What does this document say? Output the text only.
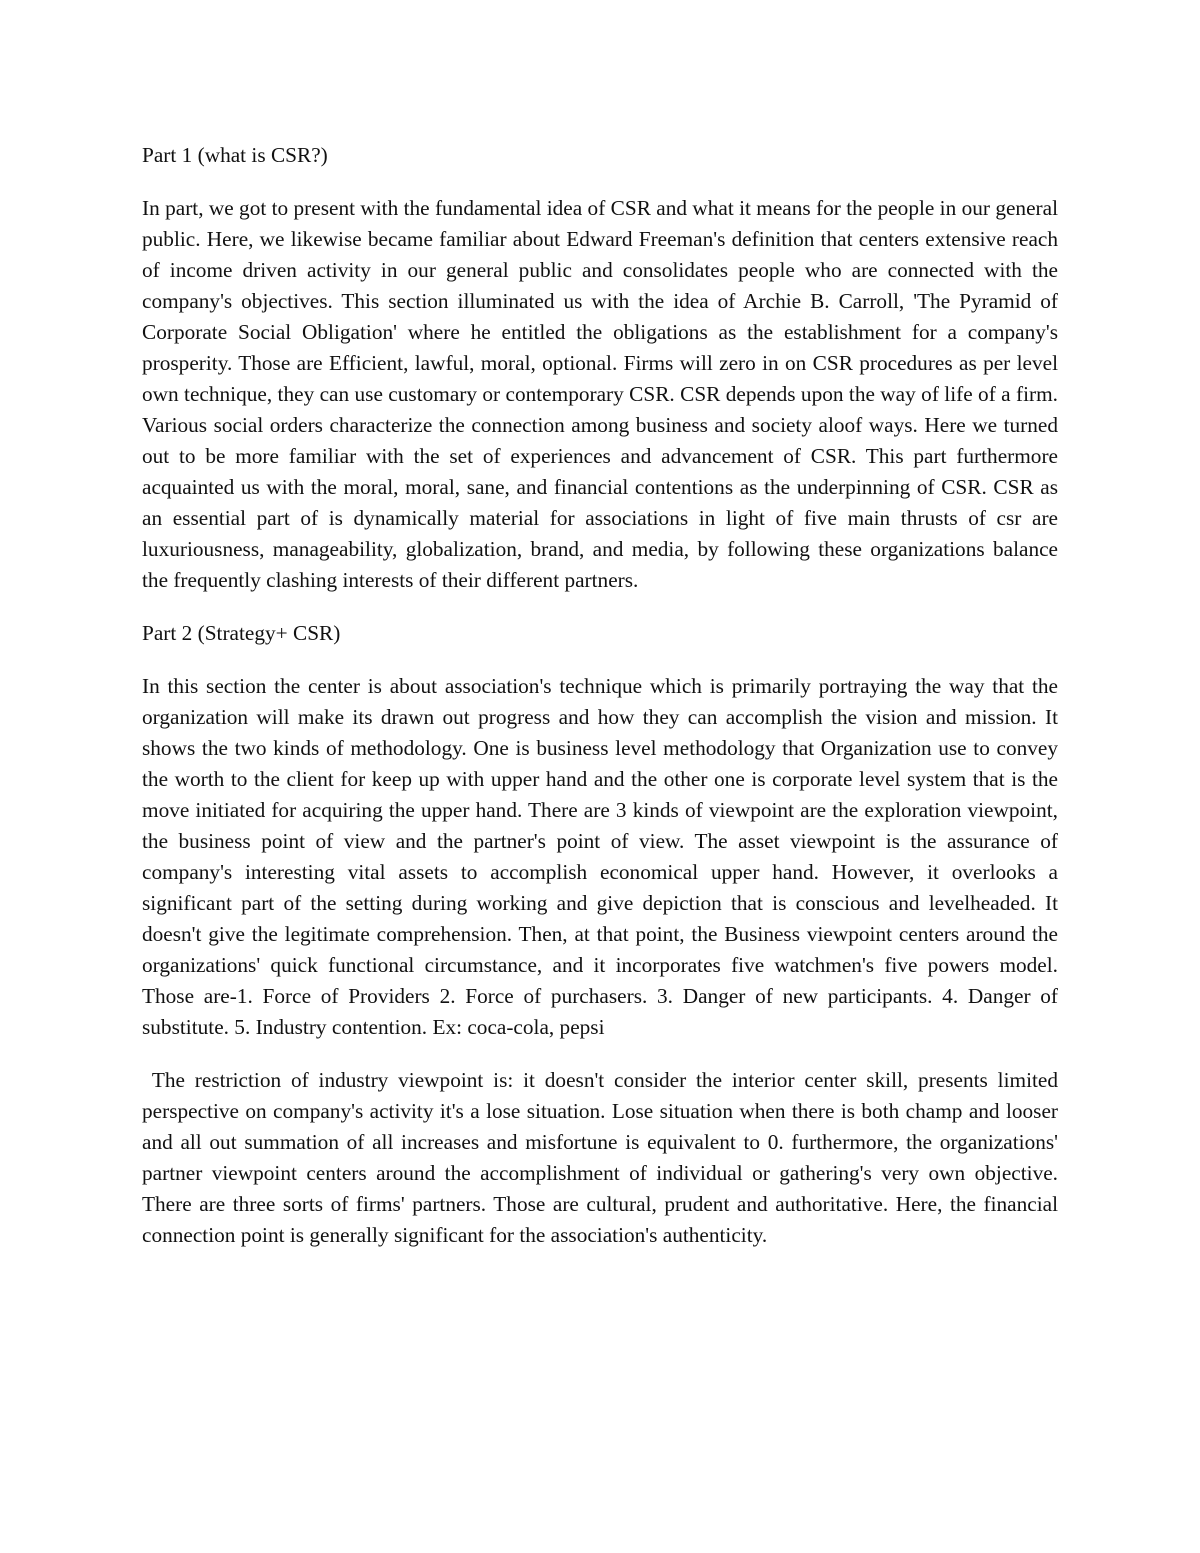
Part 1 (what is CSR?)

In part, we got to present with the fundamental idea of CSR and what it means for the people in our general public. Here, we likewise became familiar about Edward Freeman's definition that centers extensive reach of income driven activity in our general public and consolidates people who are connected with the company's objectives. This section illuminated us with the idea of Archie B. Carroll, 'The Pyramid of Corporate Social Obligation' where he entitled the obligations as the establishment for a company's prosperity. Those are Efficient, lawful, moral, optional. Firms will zero in on CSR procedures as per level own technique, they can use customary or contemporary CSR. CSR depends upon the way of life of a firm. Various social orders characterize the connection among business and society aloof ways. Here we turned out to be more familiar with the set of experiences and advancement of CSR. This part furthermore acquainted us with the moral, moral, sane, and financial contentions as the underpinning of CSR. CSR as an essential part of is dynamically material for associations in light of five main thrusts of csr are luxuriousness, manageability, globalization, brand, and media, by following these organizations balance the frequently clashing interests of their different partners.

Part 2 (Strategy+ CSR)

In this section the center is about association's technique which is primarily portraying the way that the organization will make its drawn out progress and how they can accomplish the vision and mission. It shows the two kinds of methodology. One is business level methodology that Organization use to convey the worth to the client for keep up with upper hand and the other one is corporate level system that is the move initiated for acquiring the upper hand. There are 3 kinds of viewpoint are the exploration viewpoint, the business point of view and the partner's point of view. The asset viewpoint is the assurance of company's interesting vital assets to accomplish economical upper hand. However, it overlooks a significant part of the setting during working and give depiction that is conscious and levelheaded. It doesn't give the legitimate comprehension. Then, at that point, the Business viewpoint centers around the organizations' quick functional circumstance, and it incorporates five watchmen's five powers model. Those are-1. Force of Providers 2. Force of purchasers. 3. Danger of new participants. 4. Danger of substitute. 5. Industry contention. Ex: coca-cola, pepsi

The restriction of industry viewpoint is: it doesn't consider the interior center skill, presents limited perspective on company's activity it's a lose situation. Lose situation when there is both champ and looser and all out summation of all increases and misfortune is equivalent to 0. furthermore, the organizations' partner viewpoint centers around the accomplishment of individual or gathering's very own objective. There are three sorts of firms' partners. Those are cultural, prudent and authoritative. Here, the financial connection point is generally significant for the association's authenticity.
